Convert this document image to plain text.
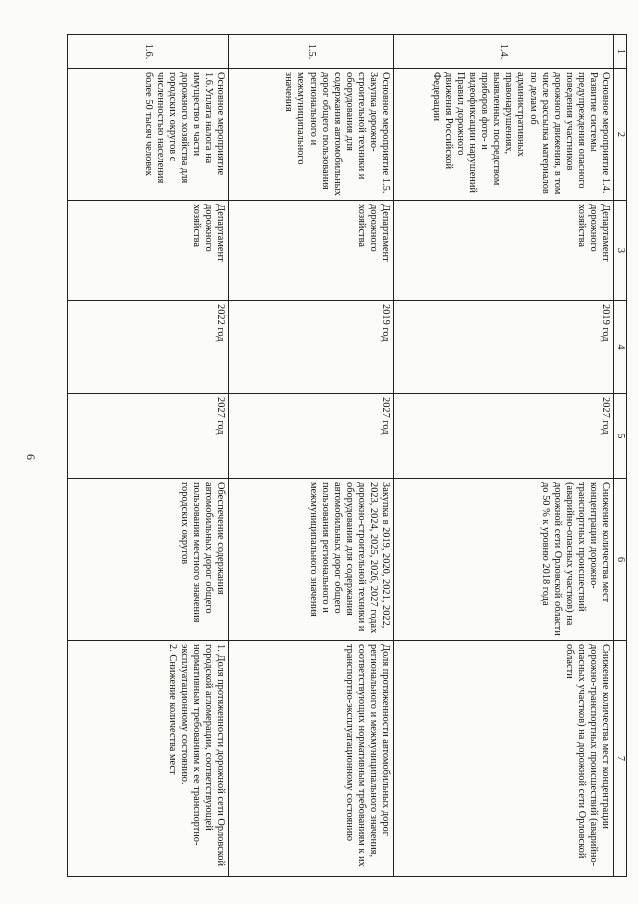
6
1	2	3	4	5	6	7
1.4.	Основное мероприятие 1.4. Развитие системы предупреждения опасного поведения участников дорожного движения, в том числе рассылка материалов по делам об административных правонарушениях, выявленных посредством приборов фото- и видеофиксации нарушений Правил дорожного движения Российской Федерации	Департамент дорожного хозяйства	2019 год	2027 год	Снижение количества мест концентрации дорожно-транспортных происшествий (аварийно-опасных участков) на дорожной сети Орловской области до 50 % к уровню 2018 года	Снижение количества мест концентрации дорожно-транспортных происшествий (аварийно-опасных участков) на дорожной сети Орловской области
1.5.	Основное мероприятие 1.5. Закупка дорожно-строительной техники и оборудования для содержания автомобильных дорог общего пользования регионального и межмуниципального значения	Департамент дорожного хозяйства	2019 год	2027 год	Закупка в 2019, 2020, 2021, 2022, 2023, 2024, 2025, 2026, 2027 годах дорожно-строительной техники и оборудования для содержания автомобильных дорог общего пользования регионального и межмуниципального значения	Доля протяженности автомобильных дорог регионального и межмуниципального значения, соответствующих нормативным требованиям к их транспортно-эксплуатационному состоянию
1.6.	Основное мероприятие 1.6.Уплата налога на имущество в части дорожного хозяйства для городских округов с численностью населения более 50 тысяч человек	Департамент дорожного хозяйства	2022 год	2027 год	Обеспечение содержания автомобильных дорог общего пользования местного значения городских округов	1. Доля протяженности дорожной сети Орловской городской агломерации, соответствующей нормативным требованиям к ее транспортно-эксплуатационному состоянию.
2. Снижение количества мест
